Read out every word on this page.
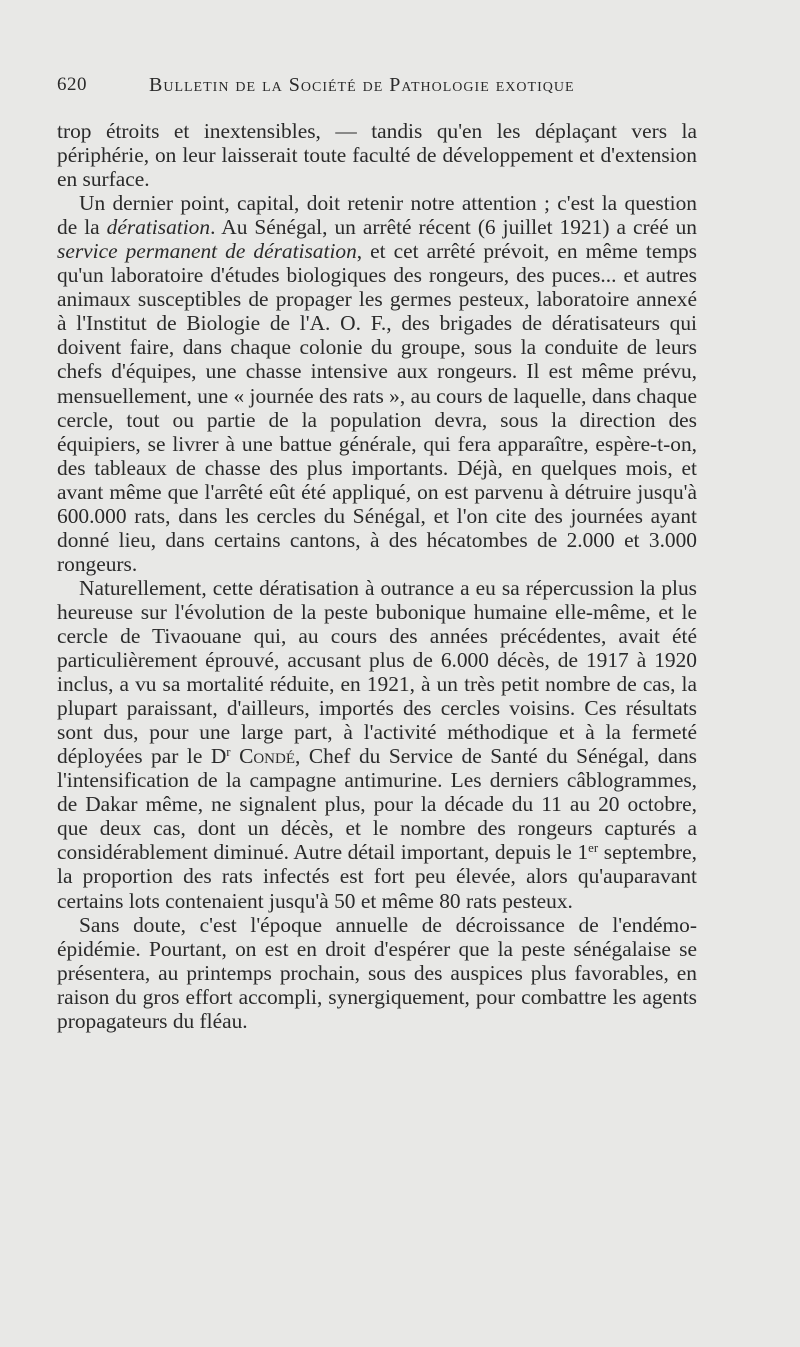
620	Bulletin de la Société de Pathologie exotique

trop étroits et inextensibles, — tandis qu'en les déplaçant vers la périphérie, on leur laisserait toute faculté de développement et d'extension en surface.

Un dernier point, capital, doit retenir notre attention ; c'est la question de la dératisation. Au Sénégal, un arrêté récent (6 juillet 1921) a créé un service permanent de dératisation, et cet arrêté prévoit, en même temps qu'un laboratoire d'études biologiques des rongeurs, des puces... et autres animaux susceptibles de propager les germes pesteux, laboratoire annexé à l'Institut de Biologie de l'A. O. F., des brigades de dératisateurs qui doivent faire, dans chaque colonie du groupe, sous la conduite de leurs chefs d'équipes, une chasse intensive aux rongeurs. Il est même prévu, mensuellement, une « journée des rats », au cours de laquelle, dans chaque cercle, tout ou partie de la population devra, sous la direction des équipiers, se livrer à une battue générale, qui fera apparaître, espère-t-on, des tableaux de chasse des plus importants. Déjà, en quelques mois, et avant même que l'arrêté eût été appliqué, on est parvenu à détruire jusqu'à 600.000 rats, dans les cercles du Sénégal, et l'on cite des journées ayant donné lieu, dans certains cantons, à des hécatombes de 2.000 et 3.000 rongeurs.

Naturellement, cette dératisation à outrance a eu sa répercussion la plus heureuse sur l'évolution de la peste bubonique humaine elle-même, et le cercle de Tivaouane qui, au cours des années précédentes, avait été particulièrement éprouvé, accusant plus de 6.000 décès, de 1917 à 1920 inclus, a vu sa mortalité réduite, en 1921, à un très petit nombre de cas, la plupart paraissant, d'ailleurs, importés des cercles voisins. Ces résultats sont dus, pour une large part, à l'activité méthodique et à la fermeté déployées par le $D^r$ Condé, Chef du Service de Santé du Sénégal, dans l'intensification de la campagne antimurine. Les derniers câblogrammes, de Dakar même, ne signalent plus, pour la décade du 11 au 20 octobre, que deux cas, dont un décès, et le nombre des rongeurs capturés a considérablement diminué. Autre détail important, depuis le 1er septembre, la proportion des rats infectés est fort peu élevée, alors qu'auparavant certains lots contenaient jusqu'à 50 et même 80 rats pesteux.

Sans doute, c'est l'époque annuelle de décroissance de l'endémo-épidémie. Pourtant, on est en droit d'espérer que la peste sénégalaise se présentera, au printemps prochain, sous des auspices plus favorables, en raison du gros effort accompli, synergiquement, pour combattre les agents propagateurs du fléau.
